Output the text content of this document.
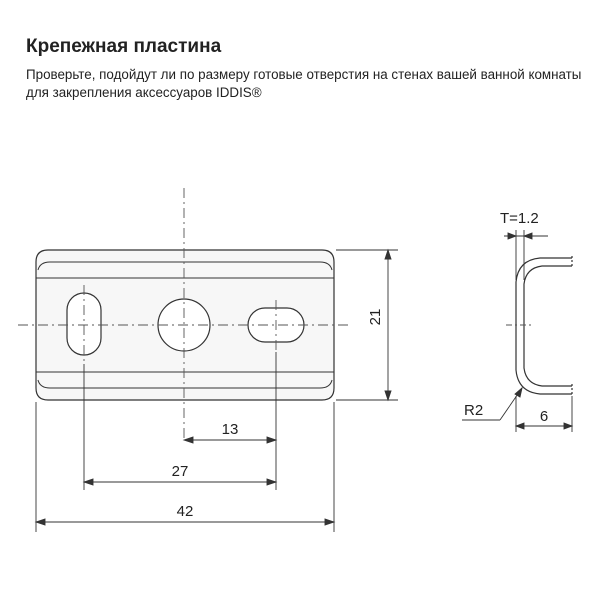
Крепежная пластина

Проверьте, подойдут ли по размеру готовые отверстия на стенах вашей ванной комнаты для закрепления аксессуаров IDDIS®

21
13
27
42
T=1.2
R2	6
